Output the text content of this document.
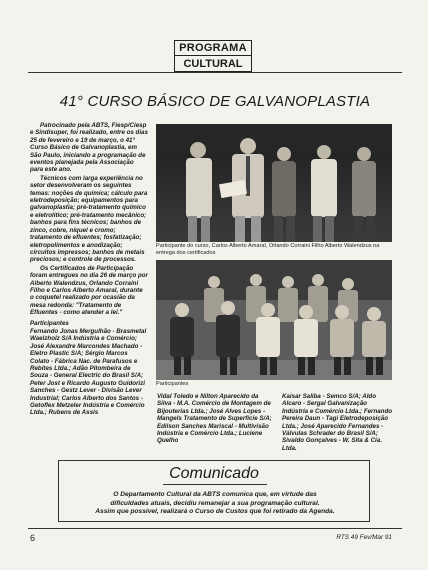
PROGRAMA
CULTURAL
41° CURSO BÁSICO DE GALVANOPLASTIA

Patrocinado pela ABTS, Fiesp/Ciesp e Sindisuper, foi realizado, entre os dias 25 de fevereiro e 19 de março, o 41° Curso Básico de Galvanoplastia, em São Paulo, iniciando a programação de eventos planejada pela Associação para este ano.

Técnicos com larga experiência no setor desenvolveram os seguintes temas: noções de química; cálculo para eletrodeposição; equipamentos para galvanoplastia; pré-tratamento químico e eletrolítico; pré-tratamento mecânico; banhos para fins técnicos; banhos de zinco, cobre, níquel e cromo; tratamento de efluentes; fosfatização; eletropolimentos e anodização; circuitos impressos; banhos de metais preciosos; e controle de processos.

Os Certificados de Participação foram entregues no dia 26 de março por Alberto Walendzus, Orlando Corraini Filho e Carlos Alberto Amaral, durante o coquetel realizado por ocasião da mesa redonda: "Tratamento de Efluentes - como atender a lei."

Participantes

Fernando Jonas Mergulhão - Brasmetal Waelzholz S/A Indústria e Comércio; José Alexandre Marcondes Machado - Eletro Plastic S/A; Sérgio Marcos Colato - Fábrica Nac. de Parafusos e Rebites Ltda.; Adão Pitombeira de Souza - General Electric do Brasil S/A; Peter Jost e Ricardo Augusto Guidorizi Sanches - Gestz Lever - Divisão Lever Industrial; Carlos Alberto dos Santos - Getoflex Metzeler Indústria e Comércio Ltda.; Rubens de Assis

Participante do curso, Carlos Alberto Amaral, Orlando Corraini Filho Alberto Walendzus na entrega dos certificados
Participantes
Vidal Toledo e Nilton Aparecido da Silva - M.A. Comércio de Montagem de Bijouterias Ltda.; José Alves Lopes - Mangels Tratamento de Superfície S/A; Edilson Sanches Mariscal - Multivisão Indústria e Comércio Ltda.; Luciene Quelho
Kaisar Saliba - Semco S/A; Aldo Alcaro - Sergal Galvanização Indústria e Comércio Ltda.; Fernando Pereira Daun - Tagi Eletrodeposição Ltda.; José Aparecido Fernandes - Válvulas Schrader do Brasil S/A; Sivaldo Gonçalves - W. Sita & Cia. Ltda.
Comunicado
O Departamento Cultural da ABTS comunica que, em virtude das
dificuldades atuais, decidiu remanejar a sua programação cultural.
Assim que possível, realizará o Curso de Custos que foi retirado da Agenda.
6	RTS 49 Fev/Mar 91
